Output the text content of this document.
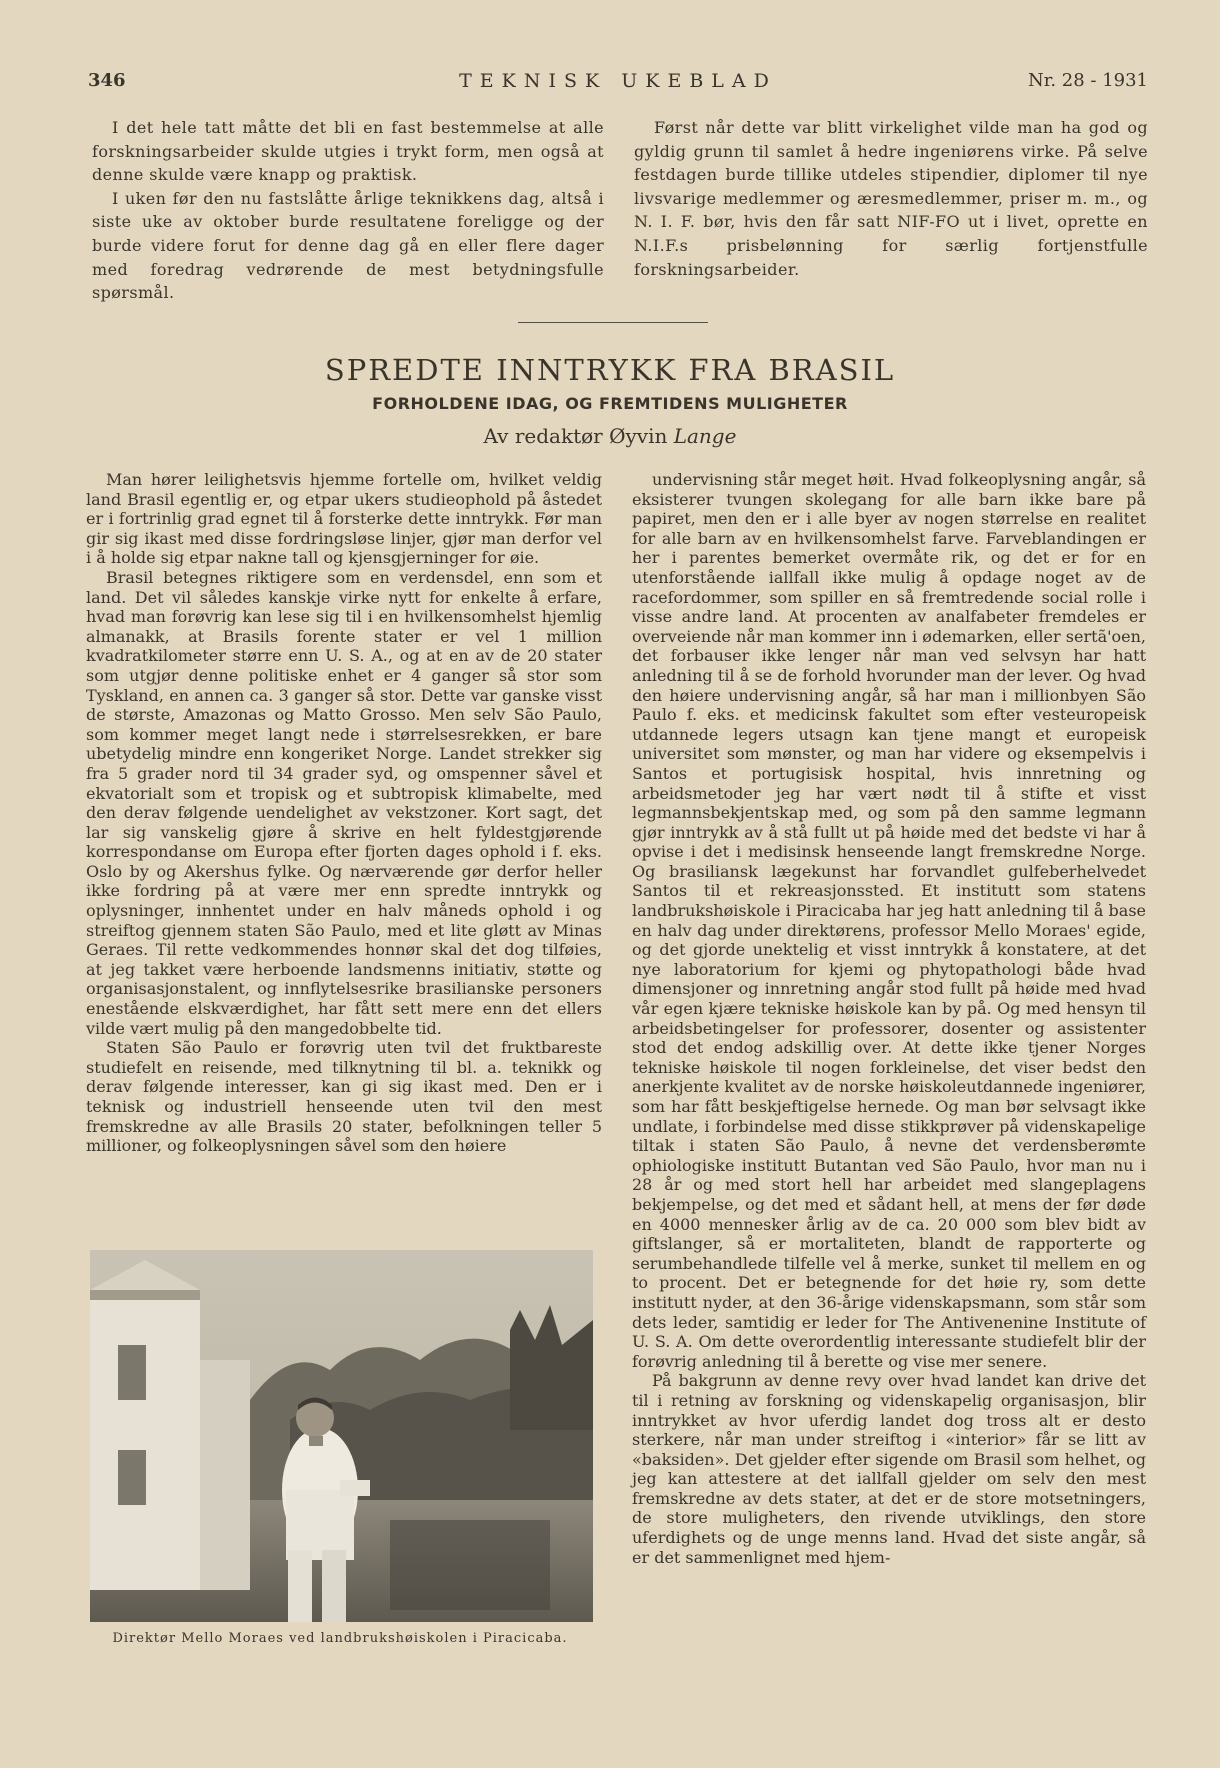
346	TEKNISK UKEBLAD	Nr. 28 - 1931

I det hele tatt måtte det bli en fast bestemmelse at alle forskningsarbeider skulde utgies i trykt form, men også at denne skulde være knapp og praktisk.

I uken før den nu fastslåtte årlige teknikkens dag, altså i siste uke av oktober burde resultatene foreligge og der burde videre forut for denne dag gå en eller flere dager med foredrag vedrørende de mest betydningsfulle spørsmål.

Først når dette var blitt virkelighet vilde man ha god og gyldig grunn til samlet å hedre ingeniørens virke. På selve festdagen burde tillike utdeles stipendier, diplomer til nye livsvarige medlemmer og æresmedlemmer, priser m. m., og N. I. F. bør, hvis den får satt NIF-FO ut i livet, oprette en N.I.F.s prisbelønning for særlig fortjenstfulle forskningsarbeider.

SPREDTE INNTRYKK FRA BRASIL
FORHOLDENE IDAG, OG FREMTIDENS MULIGHETER
Av redaktør Øyvin Lange

Man hører leilighetsvis hjemme fortelle om, hvilket veldig land Brasil egentlig er, og etpar ukers studieophold på åstedet er i fortrinlig grad egnet til å forsterke dette inntrykk. Før man gir sig ikast med disse fordringsløse linjer, gjør man derfor vel i å holde sig etpar nakne tall og kjensgjerninger for øie.

Brasil betegnes riktigere som en verdensdel, enn som et land. Det vil således kanskje virke nytt for enkelte å erfare, hvad man forøvrig kan lese sig til i en hvilkensomhelst hjemlig almanakk, at Brasils forente stater er vel 1 million kvadratkilometer større enn U. S. A., og at en av de 20 stater som utgjør denne politiske enhet er 4 ganger så stor som Tyskland, en annen ca. 3 ganger så stor. Dette var ganske visst de største, Amazonas og Matto Grosso. Men selv São Paulo, som kommer meget langt nede i størrelsesrekken, er bare ubetydelig mindre enn kongeriket Norge. Landet strekker sig fra 5 grader nord til 34 grader syd, og omspenner såvel et ekvatorialt som et tropisk og et subtropisk klimabelte, med den derav følgende uendelighet av vekstzoner. Kort sagt, det lar sig vanskelig gjøre å skrive en helt fyldestgjørende korrespondanse om Europa efter fjorten dages ophold i f. eks. Oslo by og Akershus fylke. Og nærværende gør derfor heller ikke fordring på at være mer enn spredte inntrykk og oplysninger, innhentet under en halv måneds ophold i og streiftog gjennem staten São Paulo, med et lite gløtt av Minas Geraes. Til rette vedkommendes honnør skal det dog tilføies, at jeg takket være herboende landsmenns initiativ, støtte og organisasjonstalent, og innflytelsesrike brasilianske personers enestående elskværdighet, har fått sett mere enn det ellers vilde vært mulig på den mangedobbelte tid.

Staten São Paulo er forøvrig uten tvil det fruktbareste studiefelt en reisende, med tilknytning til bl. a. teknikk og derav følgende interesser, kan gi sig ikast med. Den er i teknisk og industriell henseende uten tvil den mest fremskredne av alle Brasils 20 stater, befolkningen teller 5 millioner, og folkeoplysningen såvel som den høiere

undervisning står meget høit. Hvad folkeoplysning angår, så eksisterer tvungen skolegang for alle barn ikke bare på papiret, men den er i alle byer av nogen størrelse en realitet for alle barn av en hvilkensomhelst farve. Farveblandingen er her i parentes bemerket overmåte rik, og det er for en utenforstående iallfall ikke mulig å opdage noget av de racefordommer, som spiller en så fremtredende social rolle i visse andre land. At procenten av analfabeter fremdeles er overveiende når man kommer inn i ødemarken, eller sertã'oen, det forbauser ikke lenger når man ved selvsyn har hatt anledning til å se de forhold hvorunder man der lever. Og hvad den høiere undervisning angår, så har man i millionbyen São Paulo f. eks. et medicinsk fakultet som efter vesteuropeisk utdannede legers utsagn kan tjene mangt et europeisk universitet som mønster, og man har videre og eksempelvis i Santos et portugisisk hospital, hvis innretning og arbeidsmetoder jeg har vært nødt til å stifte et visst legmannsbekjentskap med, og som på den samme legmann gjør inntrykk av å stå fullt ut på høide med det bedste vi har å opvise i det i medisinsk henseende langt fremskredne Norge. Og brasiliansk lægekunst har forvandlet gulfeberhelvedet Santos til et rekreasjonssted. Et institutt som statens landbrukshøiskole i Piracicaba har jeg hatt anledning til å base en halv dag under direktørens, professor Mello Moraes' egide, og det gjorde unektelig et visst inntrykk å konstatere, at det nye laboratorium for kjemi og phytopathologi både hvad dimensjoner og innretning angår stod fullt på høide med hvad vår egen kjære tekniske høiskole kan by på. Og med hensyn til arbeidsbetingelser for professorer, dosenter og assistenter stod det endog adskillig over. At dette ikke tjener Norges tekniske høiskole til nogen forkleinelse, det viser bedst den anerkjente kvalitet av de norske høiskoleutdannede ingeniører, som har fått beskjeftigelse hernede. Og man bør selvsagt ikke undlate, i forbindelse med disse stikkprøver på videnskapelige tiltak i staten São Paulo, å nevne det verdensberømte ophiologiske institutt Butantan ved São Paulo, hvor man nu i 28 år og med stort hell har arbeidet med slangeplagens bekjempelse, og det med et sådant hell, at mens der før døde en 4000 mennesker årlig av de ca. 20 000 som blev bidt av giftslanger, så er mortaliteten, blandt de rapporterte og serumbehandlede tilfelle vel å merke, sunket til mellem en og to procent. Det er betegnende for det høie ry, som dette institutt nyder, at den 36-årige videnskapsmann, som står som dets leder, samtidig er leder for The Antivenenine Institute of U. S. A. Om dette overordentlig interessante studiefelt blir der forøvrig anledning til å berette og vise mer senere.

På bakgrunn av denne revy over hvad landet kan drive det til i retning av forskning og videnskapelig organisasjon, blir inntrykket av hvor uferdig landet dog tross alt er desto sterkere, når man under streiftog i «interior» får se litt av «baksiden». Det gjelder efter sigende om Brasil som helhet, og jeg kan attestere at det iallfall gjelder om selv den mest fremskredne av dets stater, at det er de store motsetningers, de store muligheters, den rivende utviklings, den store uferdighets og de unge menns land. Hvad det siste angår, så er det sammenlignet med hjem-

Direktør Mello Moraes ved landbrukshøiskolen i Piracicaba.
